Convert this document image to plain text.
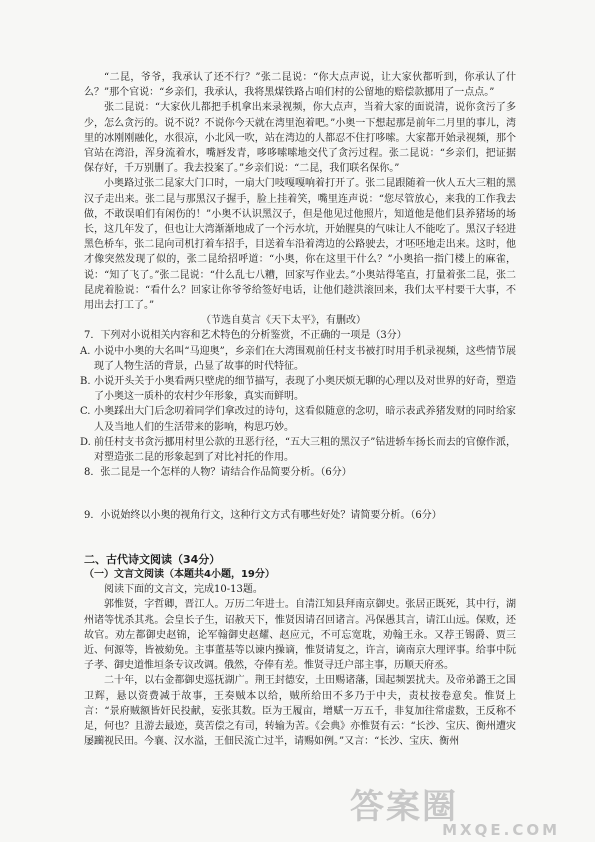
“二昆，爷爷，我承认了还不行？”张二昆说：“你大点声说，让大家伙都听到，你承认了什么？”那个官说：“乡亲们，我承认，我将黑煤铁路占咱们村的公留地的赔偿款挪用了一点点。”

张二昆说：“大家伙儿都把手机拿出来录视频，你大点声，当着大家的面说清，说你贪污了多少，怎么贪污的。说不说？不说你今天就在湾里泡着吧。”小奥一下想起那是前年二月里的事儿，湾里的冰刚刚融化，水很凉，小北风一吹，站在湾边的人都忍不住打哆嗦。大家都开始录视频，那个官站在湾沿，浑身流着水，嘴唇发青，哆哆嗦嗦地交代了贪污过程。张二昆说：“乡亲们，把证据保存好，千万别删了。我去投案了。”乡亲们说：“二昆，我们联名保你。”

小奥路过张二昆家大门口时，一扇大门吱嘎嘎响着打开了。张二昆跟随着一伙人五大三粗的黑汉子走出来。张二昆与那黑汉子握手，脸上挂着笑，嘴里连声说：“您尽管放心，来我的工作我去做，不敢误咱们有闲伤的！”小奥不认识黑汉子，但是他见过他照片，知道他是他们县养猪场的场长，这几年发了，但也让大湾渐渐地成了一个污水坑，开始腥臭的气味让人不能吃了。黑汉子轻进黑色桥车，张二昆向司机打着车招手，目送着车沿着湾边的公路驶去，才呸呸地走出来。这时，他才像突然发现了似的，张二昆给招呼道：“小奥，你在这里干什么？”小奥掐一指门楼上的麻雀，说：“知了飞了。”张二昆说：“什么乱七八糟，回家写作业去。”小奥站得笔直，打量着张二昆，张二昆虎着脸说：“看什么？回家让你爷爷给签好电话，让他们趁洪滚回来，我们太平村要干大事，不用出去打工了。”

（节选自莫言《天下太平》，有删改）

7．下列对小说相关内容和艺术特色的分析鉴赏，不正确的一项是（3分）

A. 小说中小奥的大名叫“马迎奥”，乡亲们在大湾围观前任村支书被打时用手机录视频，这些情节展现了人物生活的背景，凸显了故事的时代特征。

B. 小说开头关于小奥看两只壁虎的细节描写，表现了小奥厌烦无聊的心理以及对世界的好奇，塑造了小奥这一质朴的农村少年形象，真实而鲜明。

C. 小奥踩出大门后念叨着同学们拿改过的诗句，这看似随意的念叨，暗示表武养猪发财的同时给家人及当地人们的生活带来的影响，构思巧妙。

D. 前任村支书贪污挪用村里公款的丑恶行径，“五大三粗的黑汉子”钻进轿车扬长而去的官僚作派，对塑造张二昆的形象起到了对比衬托的作用。

8．张二昆是一个怎样的人物？请结合作品简要分析。（6分）

9．小说始终以小奥的视角行文，这种行文方式有哪些好处？请简要分析。（6分）

二、古代诗文阅读（34分）

（一）文言文阅读（本题共4小题，19分）

阅读下面的文言文，完成10-13题。

郭惟贤，字哲卿，晋江人。万历二年进士。自清江知县拜南京御史。张居正既死，其中行，湖州诸等忧杀其兆。会皇长子生，诏赦天下，惟贤因请召回诸言。冯保愚其言，请江山远。保败，还故官。劝左都御史赵锦，论军翰御史赵耀、赵应元，不可忘宽耽，劝翰王永。又荐王锡爵、贾三近、何源等，皆被劾免。主事董基等以谏内操谪，惟贤请复之，许言，谪南京大理评事。给事中阮子孝、御史道惟垣条专议改调。俄然，夺俸有差。惟贤寻迁户部主事，历顺天府丞。

二十年，以右金都御史巡抚湖广。荆王封德安，土田赐诸藩，国起频罢扰夫。及帝弟潞王之国卫辉，悬以资费减于故事，王奏贼本以给，贼所给田不多乃于中夫，责杖按卷意矣。惟贤上言：“景府贼额皆奸民投献，妄张其数。臣为王履亩，增赋一万五千，非复加往常虚数，王反称不足，何也？且游去最迹，莫苦偿之有司，转输为苦。《会典》亦惟贤有云：“长沙、宝庆、衡州遭灾屡躏视民田。今襄、汉水溢，王佃民流亡过半，请赐如例。”又言：“长沙、宝庆、衡州

答案圈
MXQE.COM
